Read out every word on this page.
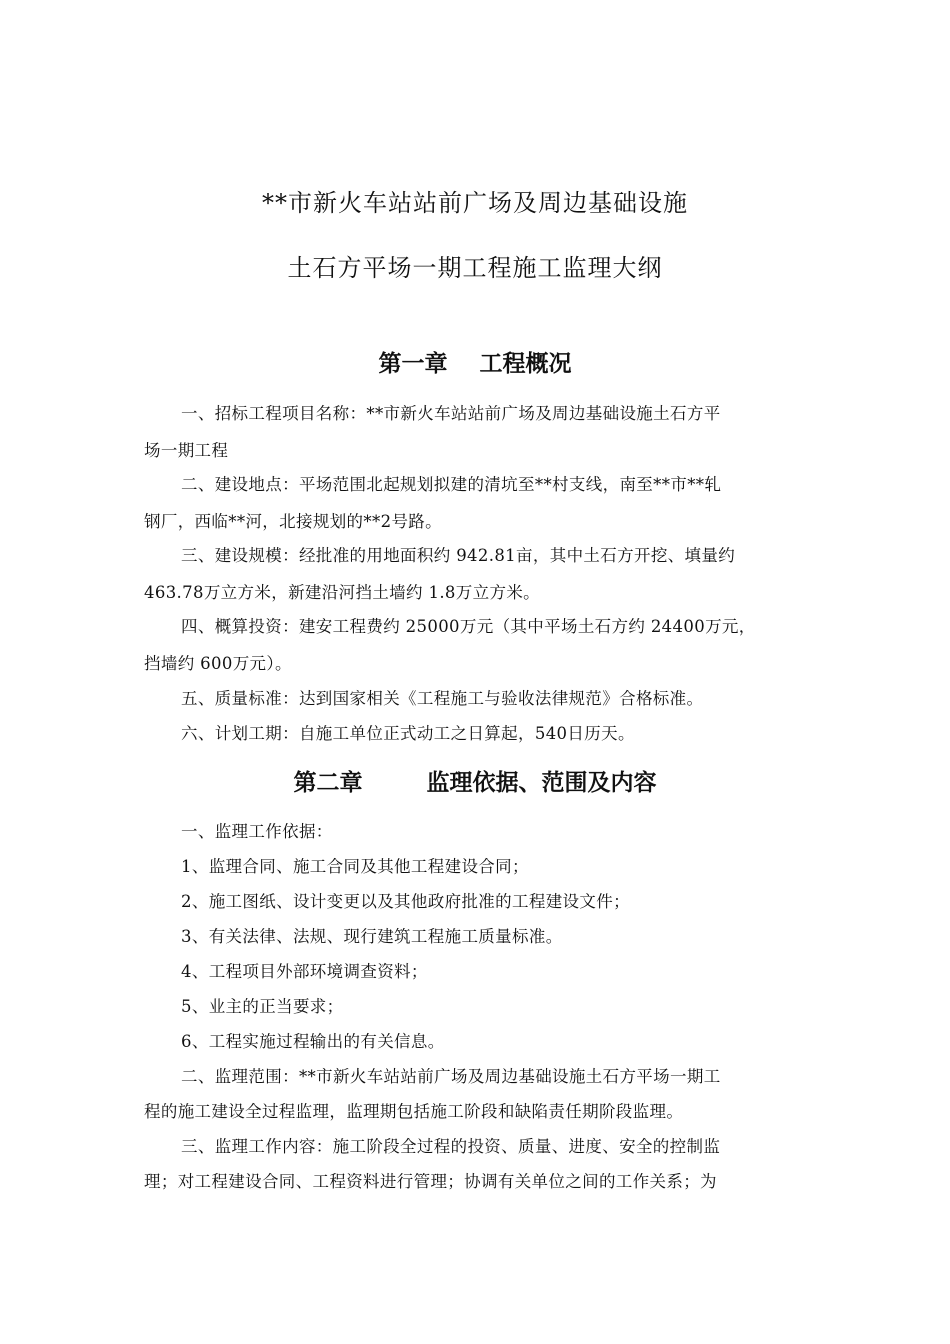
**市新火车站站前广场及周边基础设施
土石方平场一期工程施工监理大纲
第一章    工程概况
一、招标工程项目名称：**市新火车站站前广场及周边基础设施土石方平
场一期工程
二、建设地点：平场范围北起规划拟建的清坑至**村支线，南至**市**轧
钢厂，西临**河，北接规划的**2号路。
三、建设规模：经批准的用地面积约 942.81亩，其中土石方开挖、填量约
463.78万立方米，新建沿河挡土墙约 1.8万立方米。
四、概算投资：建安工程费约 25000万元（其中平场土石方约 24400万元，
挡墙约 600万元）。
五、质量标准：达到国家相关《工程施工与验收法律规范》合格标准。
六、计划工期：自施工单位正式动工之日算起，540日历天。
第二章        监理依据、范围及内容
一、监理工作依据：
1、监理合同、施工合同及其他工程建设合同；
2、施工图纸、设计变更以及其他政府批准的工程建设文件；
3、有关法律、法规、现行建筑工程施工质量标准。
4、工程项目外部环境调查资料；
5、业主的正当要求；
6、工程实施过程输出的有关信息。
二、监理范围：**市新火车站站前广场及周边基础设施土石方平场一期工
程的施工建设全过程监理，监理期包括施工阶段和缺陷责任期阶段监理。
三、监理工作内容：施工阶段全过程的投资、质量、进度、安全的控制监
理；对工程建设合同、工程资料进行管理；协调有关单位之间的工作关系；为
